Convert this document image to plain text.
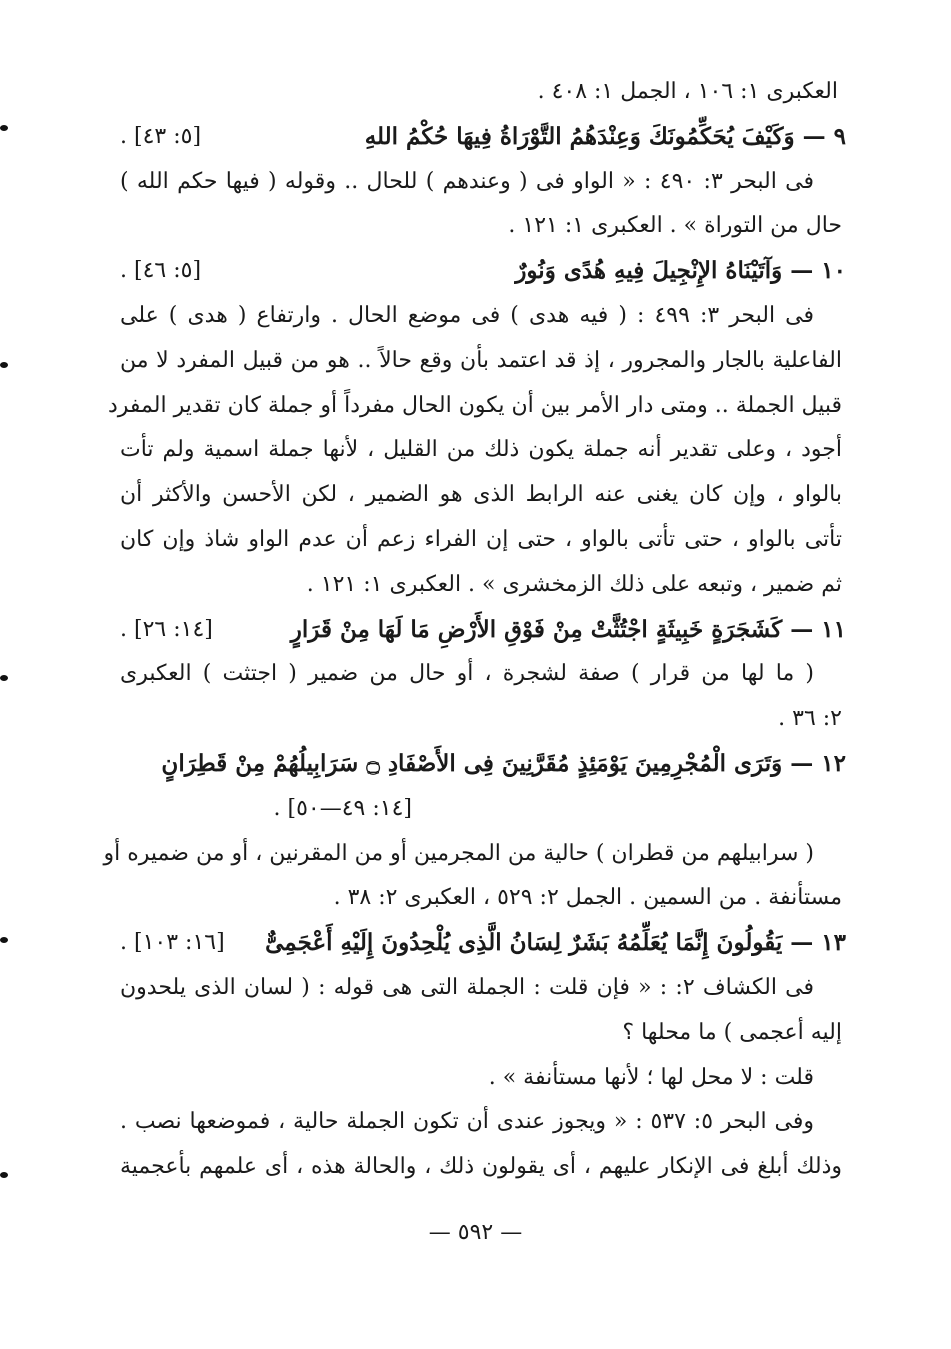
العكبرى ١: ١٠٦ ، الجمل ١: ٤٠٨ .
٩ — وَكَيْفَ يُحَكِّمُونَكَ وَعِنْدَهُمُ التَّوْرَاةُ فِيهَا حُكْمُ اللهِ
[٥: ٤٣] .
فى البحر ٣: ٤٩٠ : « الواو فى ( وعندهم ) للحال .. وقوله ( فيها حكم الله )
حال من التوراة » . العكبرى ١: ١٢١ .
١٠ — وَآتَيْنَاهُ الإِنْجِيلَ فِيهِ هُدًى وَنُورٌ
[٥: ٤٦] .
فى البحر ٣: ٤٩٩ : ( فيه هدى ) فى موضع الحال . وارتفاع ( هدى ) على
الفاعلية بالجار والمجرور ، إذ قد اعتمد بأن وقع حالاً .. هو من قبيل المفرد لا من
قبيل الجملة .. ومتى دار الأمر بين أن يكون الحال مفرداً أو جملة كان تقدير المفرد
أجود ، وعلى تقدير أنه جملة يكون ذلك من القليل ، لأنها جملة اسمية ولم تأت
بالواو ، وإن كان يغنى عنه الرابط الذى هو الضمير ، لكن الأحسن والأكثر أن
تأتى بالواو ، حتى تأتى بالواو ، حتى إن الفراء زعم أن عدم الواو شاذ وإن كان
ثم ضمير ، وتبعه على ذلك الزمخشرى » . العكبرى ١: ١٢١ .
١١ — كَشَجَرَةٍ خَبِيثَةٍ اجْتُثَّتْ مِنْ فَوْقِ الأَرْضِ مَا لَهَا مِنْ قَرَارٍ
[١٤: ٢٦] .
( ما لها من قرار ) صفة لشجرة ، أو حال من ضمير ( اجتثت ) العكبرى
٢: ٣٦ .
١٢ — وَتَرَى الْمُجْرِمِينَ يَوْمَئِذٍ مُقَرَّنِينَ فِى الأَصْفَادِ ۝ سَرَابِيلُهُمْ مِنْ قَطِرَانٍ
[١٤: ٤٩—٥٠] .
( سرابيلهم من قطران ) حالية من المجرمين أو من المقرنين ، أو من ضميره أو
مستأنفة . من السمين . الجمل ٢: ٥٢٩ ، العكبرى ٢: ٣٨ .
١٣ — يَقُولُونَ إِنَّمَا يُعَلِّمُهُ بَشَرٌ لِسَانُ الَّذِى يُلْحِدُونَ إِلَيْهِ أَعْجَمِىٌّ
[١٦: ١٠٣] .
فى الكشاف ٢: : « فإن قلت : الجملة التى هى قوله : ( لسان الذى يلحدون
إليه أعجمى ) ما محلها ؟
قلت : لا محل لها ؛ لأنها مستأنفة » .
وفى البحر ٥: ٥٣٧ : « ويجوز عندى أن تكون الجملة حالية ، فموضعها نصب .
وذلك أبلغ فى الإنكار عليهم ، أى يقولون ذلك ، والحالة هذه ، أى علمهم بأعجمية
— ٥٩٢ —
